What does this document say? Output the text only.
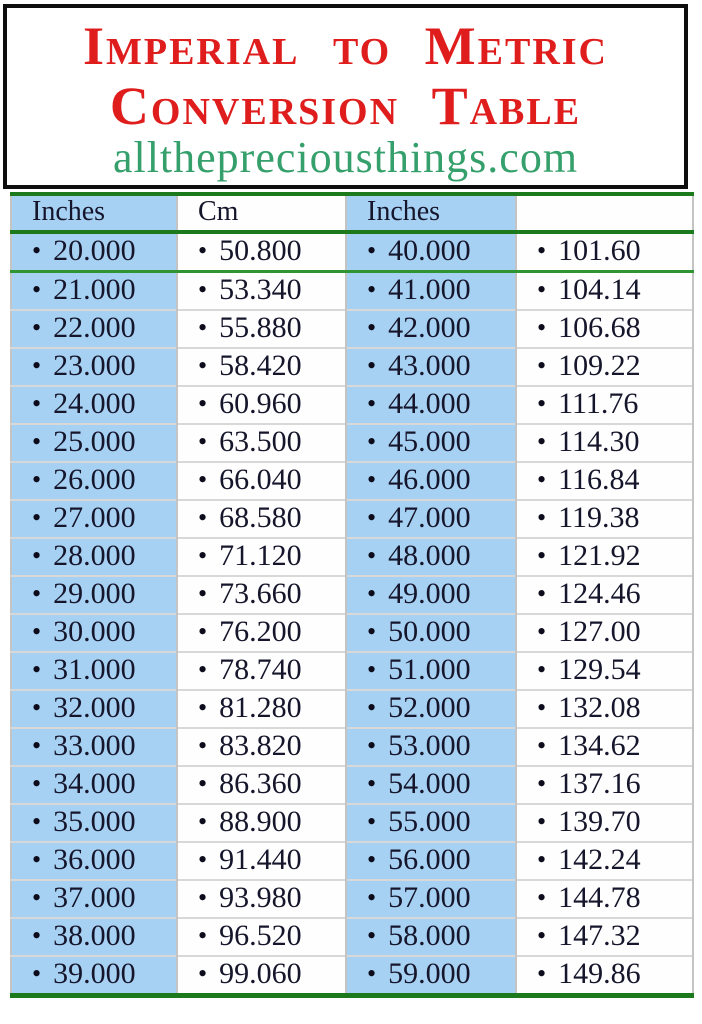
Imperial to Metric
Conversion Table
allthepreciousthings.com
Inches	Cm	Inches	
• 20.000	• 50.800	• 40.000	• 101.60
• 21.000	• 53.340	• 41.000	• 104.14
• 22.000	• 55.880	• 42.000	• 106.68
• 23.000	• 58.420	• 43.000	• 109.22
• 24.000	• 60.960	• 44.000	• 111.76
• 25.000	• 63.500	• 45.000	• 114.30
• 26.000	• 66.040	• 46.000	• 116.84
• 27.000	• 68.580	• 47.000	• 119.38
• 28.000	• 71.120	• 48.000	• 121.92
• 29.000	• 73.660	• 49.000	• 124.46
• 30.000	• 76.200	• 50.000	• 127.00
• 31.000	• 78.740	• 51.000	• 129.54
• 32.000	• 81.280	• 52.000	• 132.08
• 33.000	• 83.820	• 53.000	• 134.62
• 34.000	• 86.360	• 54.000	• 137.16
• 35.000	• 88.900	• 55.000	• 139.70
• 36.000	• 91.440	• 56.000	• 142.24
• 37.000	• 93.980	• 57.000	• 144.78
• 38.000	• 96.520	• 58.000	• 147.32
• 39.000	• 99.060	• 59.000	• 149.86
